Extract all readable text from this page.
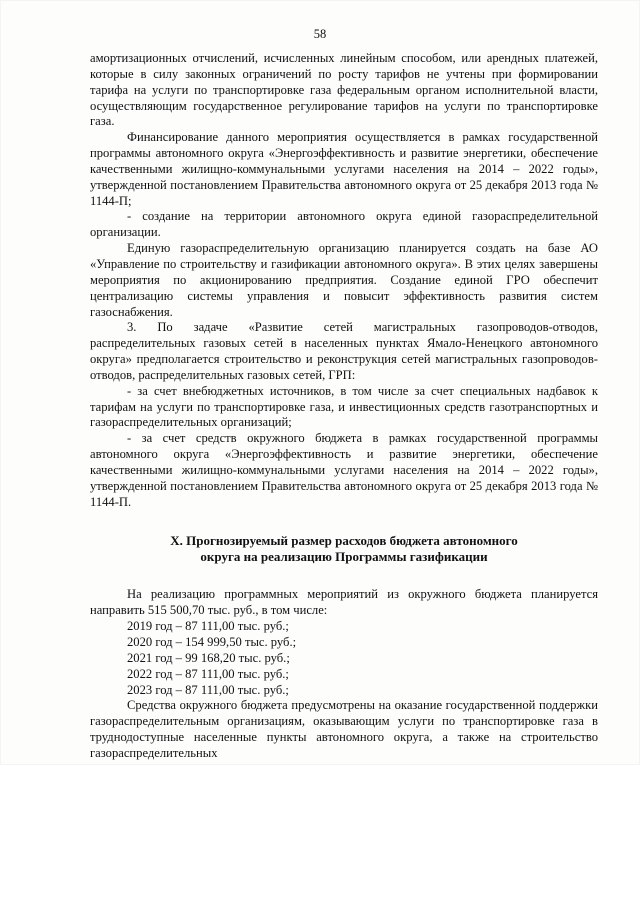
58

амортизационных отчислений, исчисленных линейным способом, или арендных платежей, которые в силу законных ограничений по росту тарифов не учтены при формировании тарифа на услуги по транспортировке газа федеральным органом исполнительной власти, осуществляющим государственное регулирование тарифов на услуги по транспортировке газа.

Финансирование данного мероприятия осуществляется в рамках государственной программы автономного округа «Энергоэффективность и развитие энергетики, обеспечение качественными жилищно-коммунальными услугами населения на 2014 – 2022 годы», утвержденной постановлением Правительства автономного округа от 25 декабря 2013 года № 1144-П;

- создание на территории автономного округа единой газораспределительной организации.

Единую газораспределительную организацию планируется создать на базе АО «Управление по строительству и газификации автономного округа». В этих целях завершены мероприятия по акционированию предприятия. Создание единой ГРО обеспечит централизацию системы управления и повысит эффективность развития систем газоснабжения.

3. По задаче «Развитие сетей магистральных газопроводов-отводов, распределительных газовых сетей в населенных пунктах Ямало-Ненецкого автономного округа» предполагается строительство и реконструкция сетей магистральных газопроводов-отводов, распределительных газовых сетей, ГРП:

- за счет внебюджетных источников, в том числе за счет специальных надбавок к тарифам на услуги по транспортировке газа, и инвестиционных средств газотранспортных и газораспределительных организаций;

- за счет средств окружного бюджета в рамках государственной программы автономного округа «Энергоэффективность и развитие энергетики, обеспечение качественными жилищно-коммунальными услугами населения на 2014 – 2022 годы», утвержденной постановлением Правительства автономного округа от 25 декабря 2013 года № 1144-П.

X. Прогнозируемый размер расходов бюджета автономного
округа на реализацию Программы газификации

На реализацию программных мероприятий из окружного бюджета планируется направить 515 500,70 тыс. руб., в том числе:

2019 год – 87 111,00 тыс. руб.;

2020 год – 154 999,50 тыс. руб.;

2021 год – 99 168,20 тыс. руб.;

2022 год – 87 111,00 тыс. руб.;

2023 год – 87 111,00 тыс. руб.;

Средства окружного бюджета предусмотрены на оказание государственной поддержки газораспределительным организациям, оказывающим услуги по транспортировке газа в труднодоступные населенные пункты автономного округа, а также на строительство газораспределительных
